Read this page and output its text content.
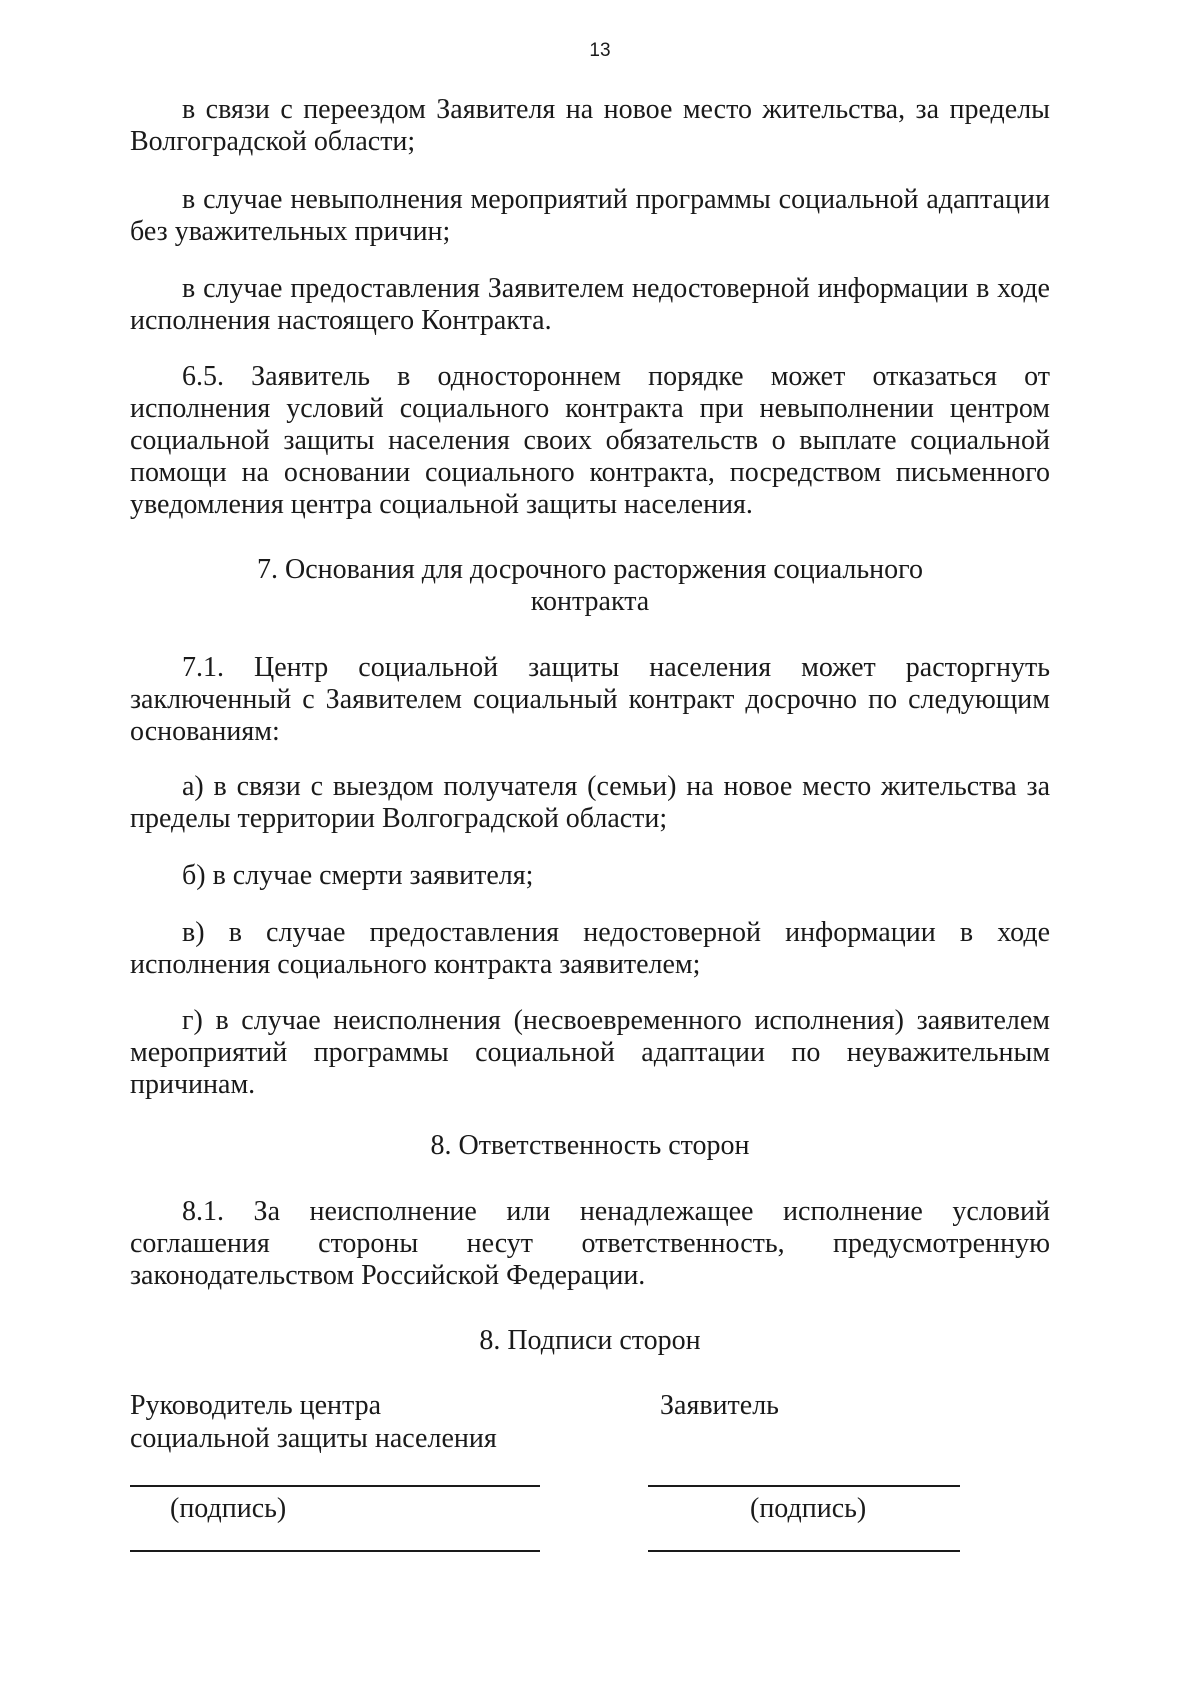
13

в связи с переездом Заявителя на новое место жительства, за пределы Волгоградской области;

в случае невыполнения мероприятий программы социальной адаптации без уважительных причин;

в случае предоставления Заявителем недостоверной информации в ходе исполнения настоящего Контракта.

6.5. Заявитель в одностороннем порядке может отказаться от исполнения условий социального контракта при невыполнении центром социальной защиты населения своих обязательств о выплате социальной помощи на основании социального контракта, посредством письменного уведомления центра социальной защиты населения.

7. Основания для досрочного расторжения социального
контракта

7.1. Центр социальной защиты населения может расторгнуть заключенный с Заявителем социальный контракт досрочно по следующим основаниям:

а) в связи с выездом получателя (семьи) на новое место жительства за пределы территории Волгоградской области;

б) в случае смерти заявителя;

в) в случае предоставления недостоверной информации в ходе исполнения социального контракта заявителем;

г) в случае неисполнения (несвоевременного исполнения) заявителем мероприятий программы социальной адаптации по неуважительным причинам.

8. Ответственность сторон

8.1. За неисполнение или ненадлежащее исполнение условий соглашения стороны несут ответственность, предусмотренную законодательством Российской Федерации.

8. Подписи сторон
Руководитель центра
социальной защиты населения
Заявитель
(подпись)	(подпись)
